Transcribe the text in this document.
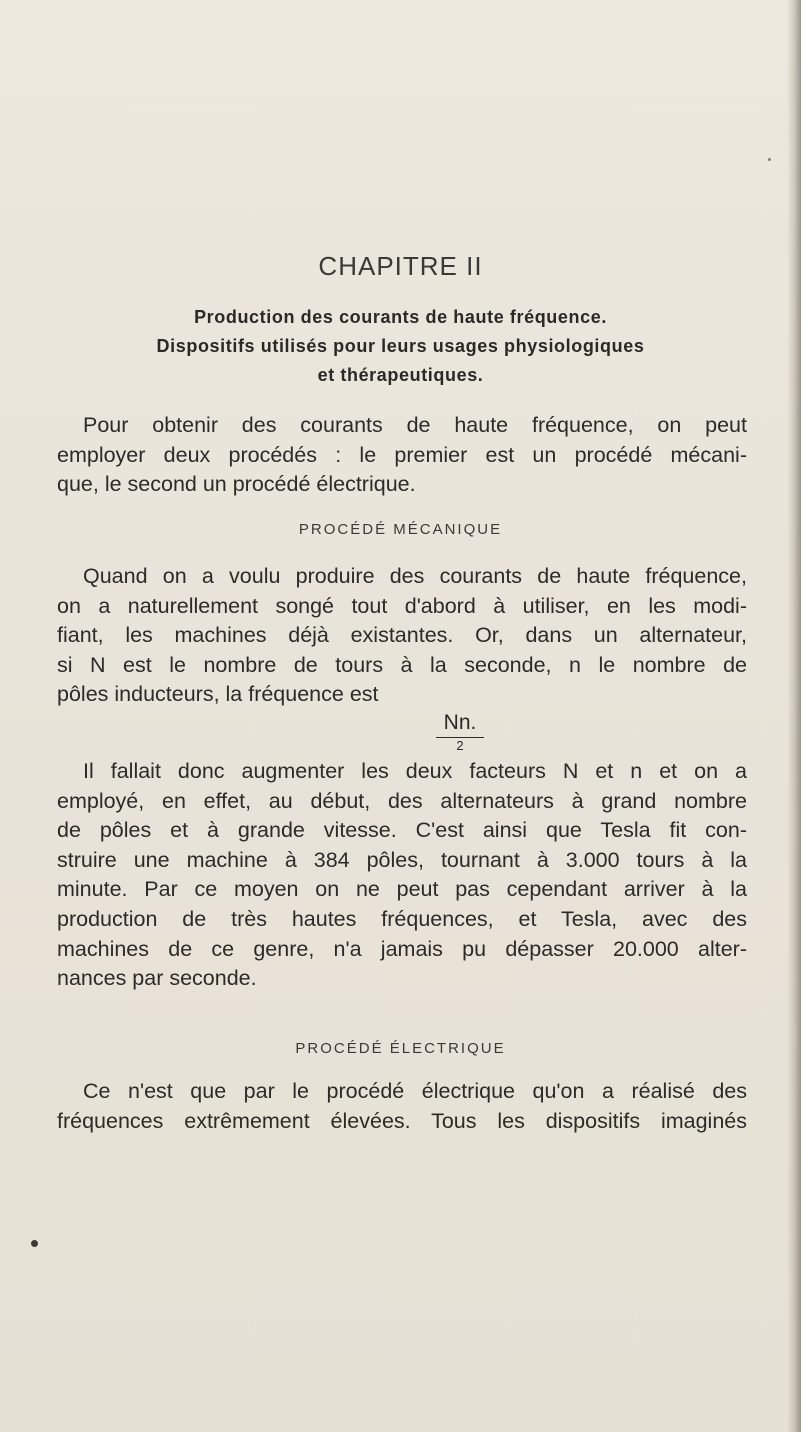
CHAPITRE II
Production des courants de haute fréquence.
Dispositifs utilisés pour leurs usages physiologiques
et thérapeutiques.
Pour obtenir des courants de haute fréquence, on peut
employer deux procédés : le premier est un procédé mécani-
que, le second un procédé électrique.
PROCÉDÉ MÉCANIQUE
Quand on a voulu produire des courants de haute fréquence,
on a naturellement songé tout d'abord à utiliser, en les modi-
fiant, les machines déjà existantes. Or, dans un alternateur,
si N est le nombre de tours à la seconde, n le nombre de
pôles inducteurs, la fréquence est
Nn.
2
Il fallait donc augmenter les deux facteurs N et n et on a
employé, en effet, au début, des alternateurs à grand nombre
de pôles et à grande vitesse. C'est ainsi que Tesla fit con-
struire une machine à 384 pôles, tournant à 3.000 tours à la
minute. Par ce moyen on ne peut pas cependant arriver à la
production de très hautes fréquences, et Tesla, avec des
machines de ce genre, n'a jamais pu dépasser 20.000 alter-
nances par seconde.
PROCÉDÉ ÉLECTRIQUE
Ce n'est que par le procédé électrique qu'on a réalisé des
fréquences extrêmement élevées. Tous les dispositifs imaginés
